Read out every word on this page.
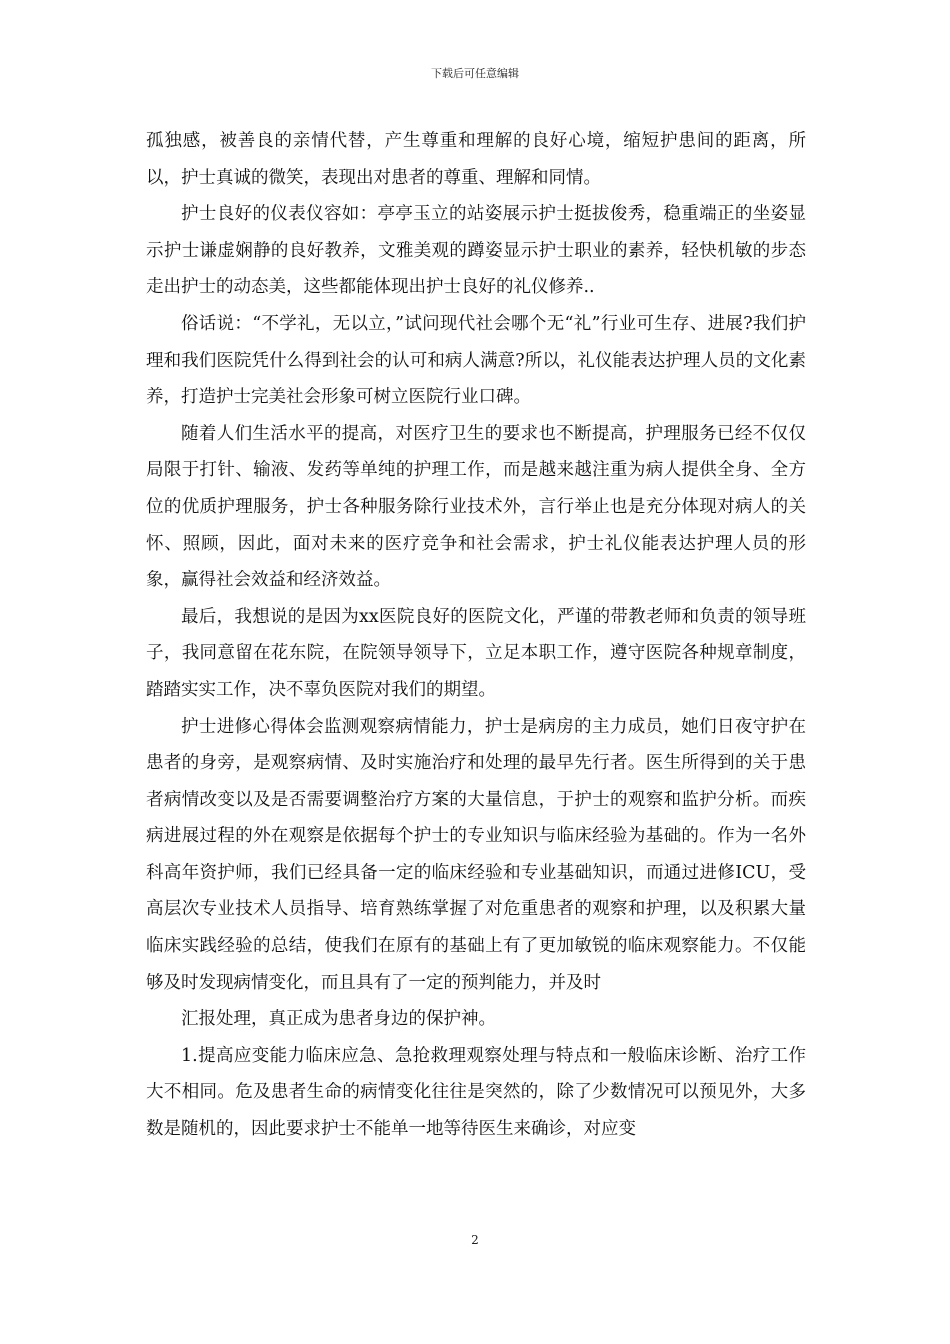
下载后可任意编辑

孤独感，被善良的亲情代替，产生尊重和理解的良好心境，缩短护患间的距离，所以，护士真诚的微笑，表现出对患者的尊重、理解和同情。

护士良好的仪表仪容如：亭亭玉立的站姿展示护士挺拔俊秀，稳重端正的坐姿显示护士谦虚娴静的良好教养，文雅美观的蹲姿显示护士职业的素养，轻快机敏的步态走出护士的动态美，这些都能体现出护士良好的礼仪修养..

俗话说：“不学礼，无以立，”试问现代社会哪个无“礼”行业可生存、进展?我们护理和我们医院凭什么得到社会的认可和病人满意?所以，礼仪能表达护理人员的文化素养，打造护士完美社会形象可树立医院行业口碑。

随着人们生活水平的提高，对医疗卫生的要求也不断提高，护理服务已经不仅仅局限于打针、输液、发药等单纯的护理工作，而是越来越注重为病人提供全身、全方位的优质护理服务，护士各种服务除行业技术外，言行举止也是充分体现对病人的关怀、照顾，因此，面对未来的医疗竞争和社会需求，护士礼仪能表达护理人员的形象，赢得社会效益和经济效益。

最后，我想说的是因为xx医院良好的医院文化，严谨的带教老师和负责的领导班子，我同意留在花东院，在院领导领导下，立足本职工作，遵守医院各种规章制度，踏踏实实工作，决不辜负医院对我们的期望。

护士进修心得体会监测观察病情能力，护士是病房的主力成员，她们日夜守护在患者的身旁，是观察病情、及时实施治疗和处理的最早先行者。医生所得到的关于患者病情改变以及是否需要调整治疗方案的大量信息，于护士的观察和监护分析。而疾病进展过程的外在观察是依据每个护士的专业知识与临床经验为基础的。作为一名外科高年资护师，我们已经具备一定的临床经验和专业基础知识，而通过进修ICU，受高层次专业技术人员指导、培育熟练掌握了对危重患者的观察和护理，以及积累大量临床实践经验的总结，使我们在原有的基础上有了更加敏锐的临床观察能力。不仅能够及时发现病情变化，而且具有了一定的预判能力，并及时

汇报处理，真正成为患者身边的保护神。

1.提高应变能力临床应急、急抢救理观察处理与特点和一般临床诊断、治疗工作大不相同。危及患者生命的病情变化往往是突然的，除了少数情况可以预见外，大多数是随机的，因此要求护士不能单一地等待医生来确诊，对应变

2
